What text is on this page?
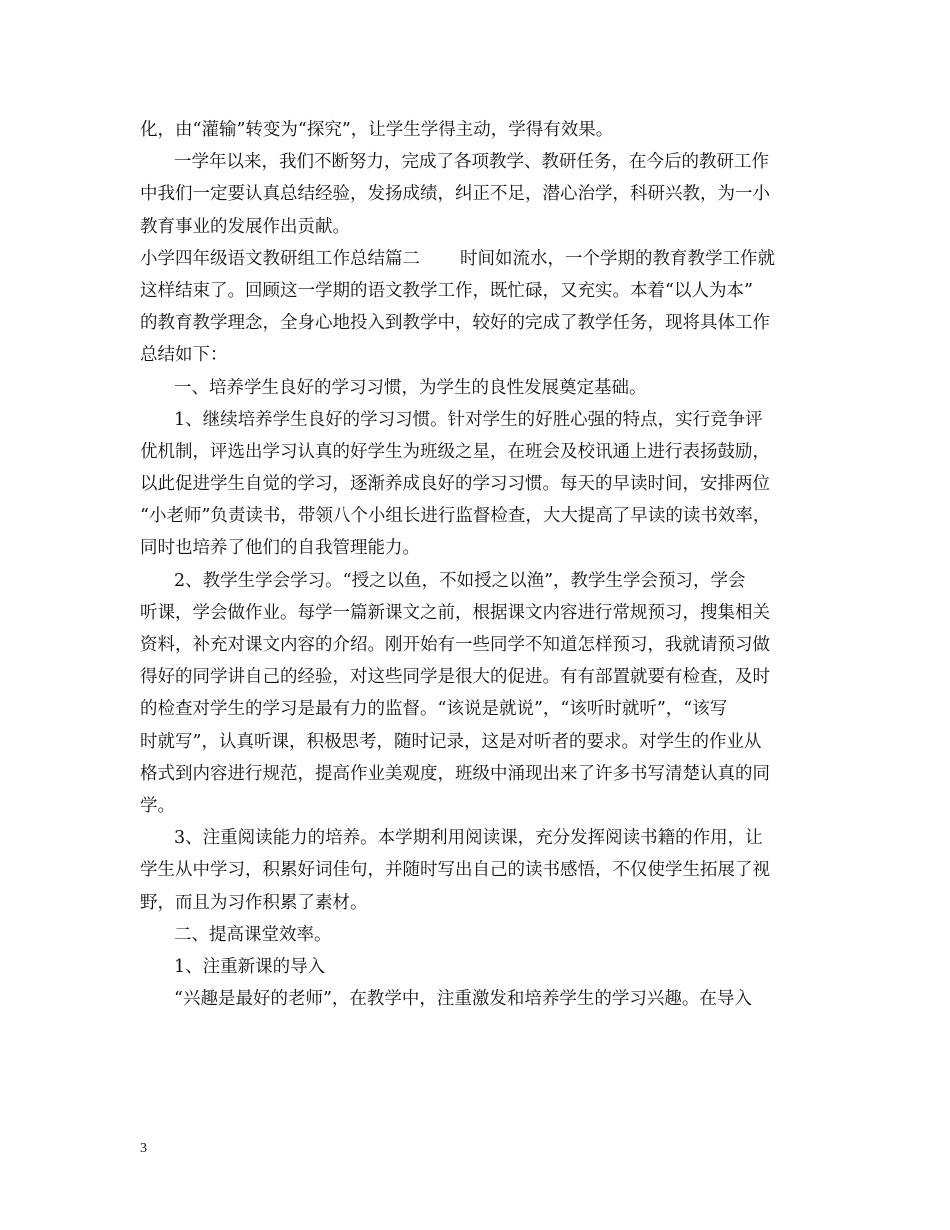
化，由“灌输”转变为“探究”，让学生学得主动，学得有效果。
一学年以来，我们不断努力，完成了各项教学、教研任务，在今后的教研工作
中我们一定要认真总结经验，发扬成绩，纠正不足，潜心治学，科研兴教，为一小
教育事业的发展作出贡献。
小学四年级语文教研组工作总结篇二 时间如流水，一个学期的教育教学工作就
这样结束了。回顾这一学期的语文教学工作，既忙碌，又充实。本着“以人为本”
的教育教学理念，全身心地投入到教学中，较好的完成了教学任务，现将具体工作
总结如下：
一、培养学生良好的学习习惯，为学生的良性发展奠定基础。
1、继续培养学生良好的学习习惯。针对学生的好胜心强的特点，实行竞争评
优机制，评选出学习认真的好学生为班级之星，在班会及校讯通上进行表扬鼓励，
以此促进学生自觉的学习，逐渐养成良好的学习习惯。每天的早读时间，安排两位
“小老师”负责读书，带领八个小组长进行监督检查，大大提高了早读的读书效率，
同时也培养了他们的自我管理能力。
2、教学生学会学习。“授之以鱼，不如授之以渔”，教学生学会预习，学会
听课，学会做作业。每学一篇新课文之前，根据课文内容进行常规预习，搜集相关
资料，补充对课文内容的介绍。刚开始有一些同学不知道怎样预习，我就请预习做
得好的同学讲自己的经验，对这些同学是很大的促进。有有部置就要有检查，及时
的检查对学生的学习是最有力的监督。“该说是就说”，“该听时就听”，“该写
时就写”，认真听课，积极思考，随时记录，这是对听者的要求。对学生的作业从
格式到内容进行规范，提高作业美观度，班级中涌现出来了许多书写清楚认真的同
学。
3、注重阅读能力的培养。本学期利用阅读课，充分发挥阅读书籍的作用，让
学生从中学习，积累好词佳句，并随时写出自己的读书感悟，不仅使学生拓展了视
野，而且为习作积累了素材。
二、提高课堂效率。
1、注重新课的导入
“兴趣是最好的老师”，在教学中，注重激发和培养学生的学习兴趣。在导入
3
